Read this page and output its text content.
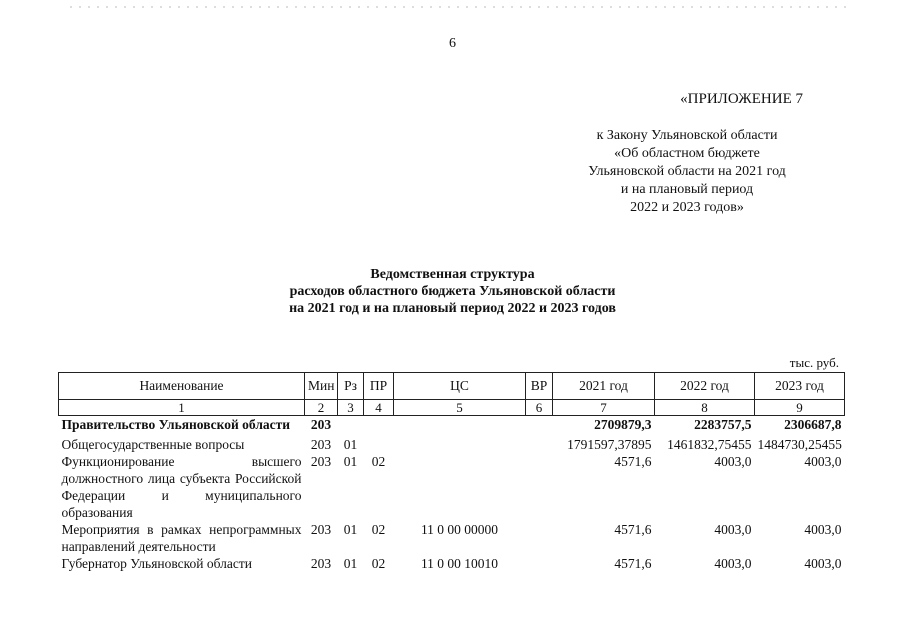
6
«ПРИЛОЖЕНИЕ 7
к Закону Ульяновской области
«Об областном бюджете
Ульяновской области на 2021 год
и на плановый период
2022 и 2023 годов»
Ведомственная структура
расходов областного бюджета Ульяновской области
на 2021 год и на плановый период 2022 и 2023 годов
тыс. руб.
Наименование	Мин	Рз	ПР	ЦС	ВР	2021 год	2022 год	2023 год
1	2	3	4	5	6	7	8	9
Правительство Ульяновской области	203					2709879,3	2283757,5	2306687,8
Общегосударственные вопросы	203	01				1791597,37895	1461832,75455	1484730,25455
Функционирование высшего должностного лица субъекта Российской Федерации и муниципального образования	203	01	02			4571,6	4003,0	4003,0
Мероприятия в рамках непрограммных направлений деятельности	203	01	02	11 0 00 00000		4571,6	4003,0	4003,0
Губернатор Ульяновской области	203	01	02	11 0 00 10010		4571,6	4003,0	4003,0
